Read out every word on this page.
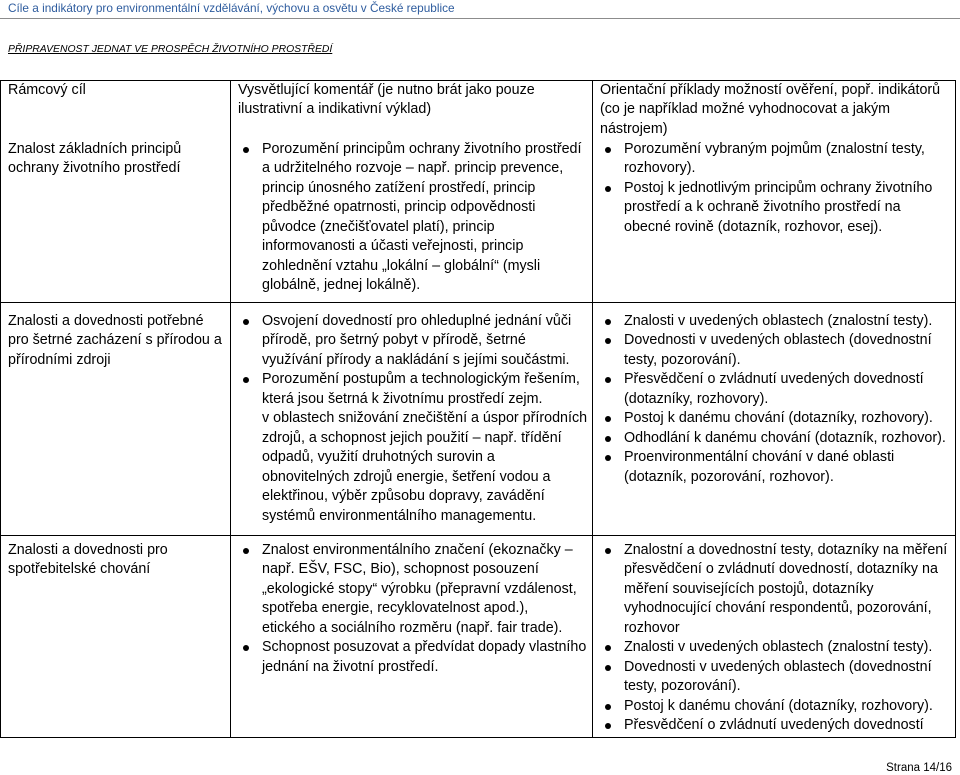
Cíle a indikátory pro environmentální vzdělávání, výchovu a osvětu v České republice
PŘIPRAVENOST JEDNAT VE PROSPĚCH ŽIVOTNÍHO PROSTŘEDÍ
Rámcový cíl	Vysvětlující komentář (je nutno brát jako pouze
ilustrativní a indikativní výklad)
Orientační příklady možností ověření, popř. indikátorů
(co je například možné vyhodnocovat a jakým
nástrojem)
Znalost základních principů
ochrany životního prostředí
Porozumění principům ochrany životního prostředí
a udržitelného rozvoje – např. princip prevence,
princip únosného zatížení prostředí, princip
předběžné opatrnosti, princip odpovědnosti
původce (znečišťovatel platí), princip
informovanosti a účasti veřejnosti, princip
zohlednění vztahu „lokální – globální“ (mysli
globálně, jednej lokálně).
Porozumění vybraným pojmům (znalostní testy,
rozhovory).
Postoj k jednotlivým principům ochrany životního
prostředí a k ochraně životního prostředí na
obecné rovině (dotazník, rozhovor, esej).
Znalosti a dovednosti potřebné
pro šetrné zacházení s přírodou a
přírodními zdroji
Osvojení dovedností pro ohleduplné jednání vůči
přírodě, pro šetrný pobyt v přírodě, šetrné
využívání přírody a nakládání s jejími součástmi.
Porozumění postupům a technologickým řešením,
která jsou šetrná k životnímu prostředí zejm.
v oblastech snižování znečištění a úspor přírodních
zdrojů, a schopnost jejich použití – např. třídění
odpadů, využití druhotných surovin a
obnovitelných zdrojů energie, šetření vodou a
elektřinou, výběr způsobu dopravy, zavádění
systémů environmentálního managementu.
Znalosti v uvedených oblastech (znalostní testy).
Dovednosti v uvedených oblastech (dovednostní
testy, pozorování).
Přesvědčení o zvládnutí uvedených dovedností
(dotazníky, rozhovory).
Postoj k danému chování (dotazníky, rozhovory).
Odhodlání k danému chování (dotazník, rozhovor).
Proenvironmentální chování v dané oblasti
(dotazník, pozorování, rozhovor).
Znalosti a dovednosti pro
spotřebitelské chování
Znalost environmentálního značení (ekoznačky –
např. EŠV, FSC, Bio), schopnost posouzení
„ekologické stopy“ výrobku (přepravní vzdálenost,
spotřeba energie, recyklovatelnost apod.),
etického a sociálního rozměru (např. fair trade).
Schopnost posuzovat a předvídat dopady vlastního
jednání na životní prostředí.
Znalostní a dovednostní testy, dotazníky na měření
přesvědčení o zvládnutí dovedností, dotazníky na
měření souvisejících postojů, dotazníky
vyhodnocující chování respondentů, pozorování,
rozhovor
Znalosti v uvedených oblastech (znalostní testy).
Dovednosti v uvedených oblastech (dovednostní
testy, pozorování).
Postoj k danému chování (dotazníky, rozhovory).
Přesvědčení o zvládnutí uvedených dovedností
Strana 14/16
